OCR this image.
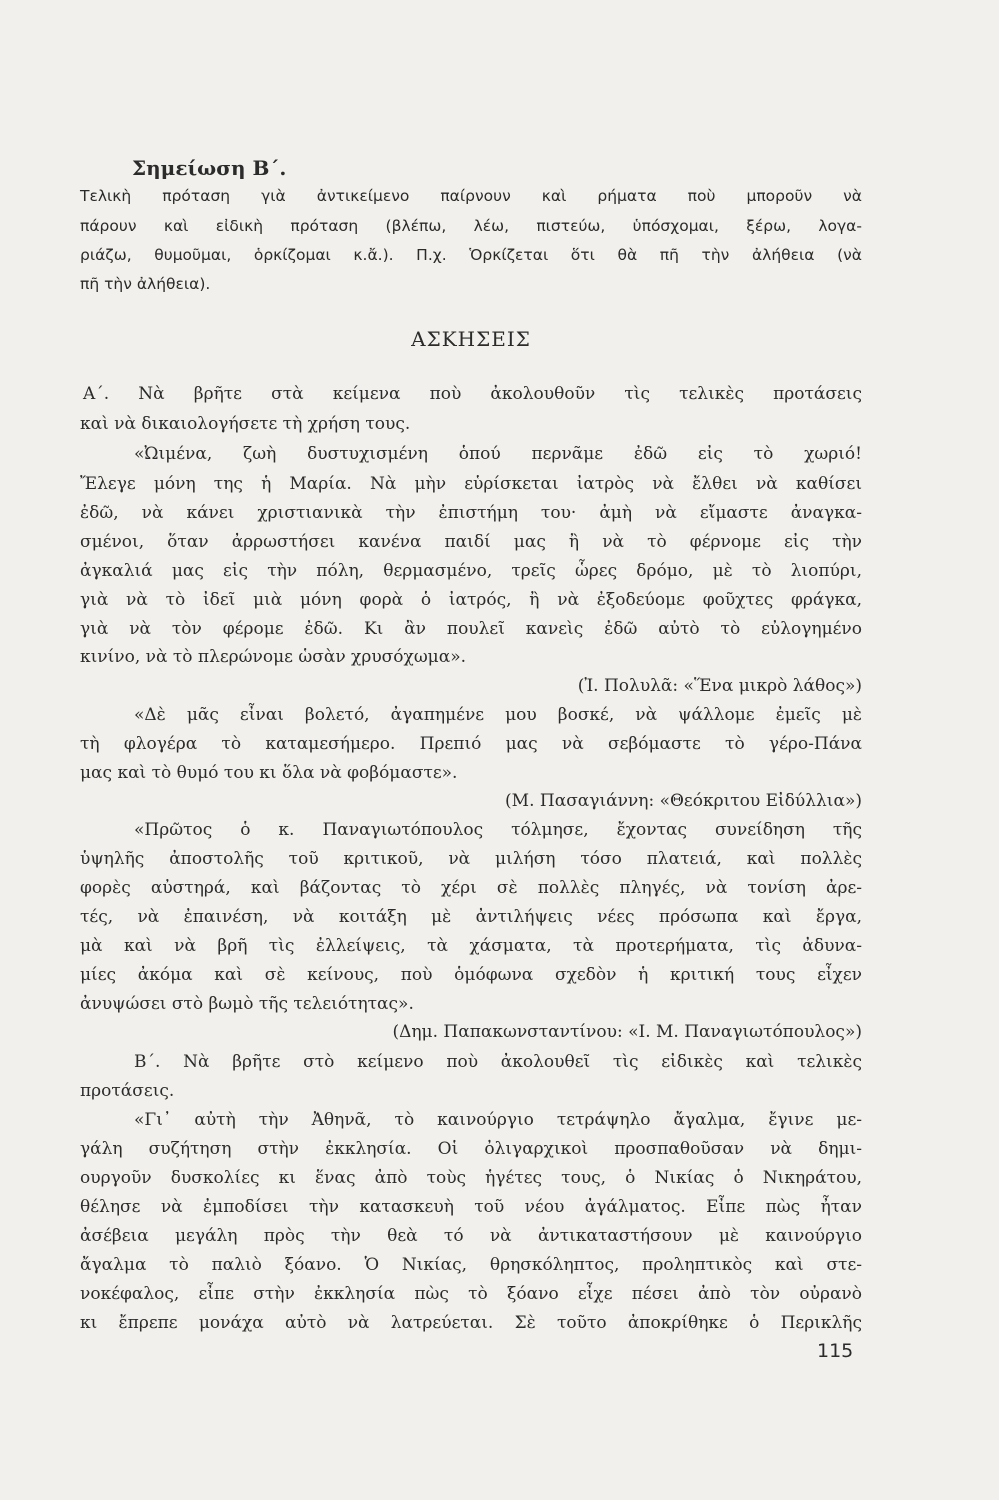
Σημείωση Β΄.
Τελικὴ πρόταση γιὰ ἀντικείμενο παίρνουν καὶ ρήματα ποὺ μποροῦν νὰ
πάρουν καὶ εἰδικὴ πρόταση (βλέπω, λέω, πιστεύω, ὑπόσχομαι, ξέρω, λογα-
ριάζω, θυμοῦμαι, ὁρκίζομαι κ.ἄ.). Π.χ. Ὁρκίζεται ὅτι θὰ πῆ τὴν ἀλήθεια (νὰ
πῆ τὴν ἀλήθεια).
ΑΣΚΗΣΕΙΣ
Α΄. Νὰ βρῆτε στὰ κείμενα ποὺ ἀκολουθοῦν τὶς τελικὲς προτάσεις
καὶ νὰ δικαιολογήσετε τὴ χρήση τους.
«Ὠιμένα, ζωὴ δυστυχισμένη ὁπού περνᾶμε ἐδῶ εἰς τὸ χωριό!
Ἔλεγε μόνη της ἡ Μαρία. Νὰ μὴν εὑρίσκεται ἰατρὸς νὰ ἔλθει νὰ καθίσει
ἐδῶ, νὰ κάνει χριστιανικὰ τὴν ἐπιστήμη του· ἀμὴ νὰ εἴμαστε ἀναγκα-
σμένοι, ὅταν ἀρρωστήσει κανένα παιδί μας ἢ νὰ τὸ φέρνομε εἰς τὴν
ἀγκαλιά μας εἰς τὴν πόλη, θερμασμένο, τρεῖς ὧρες δρόμο, μὲ τὸ λιοπύρι,
γιὰ νὰ τὸ ἰδεῖ μιὰ μόνη φορὰ ὁ ἰατρός, ἢ νὰ ἐξοδεύομε φοῦχτες φράγκα,
γιὰ νὰ τὸν φέρομε ἐδῶ. Κι ἂν πουλεῖ κανεὶς ἐδῶ αὐτὸ τὸ εὐλογημένο
κινίνο, νὰ τὸ πλερώνομε ὡσὰν χρυσόχωμα».
(Ἰ. Πολυλᾶ: «Ἕνα μικρὸ λάθος»)
«Δὲ μᾶς εἶναι βολετό, ἀγαπημένε μου βοσκέ, νὰ ψάλλομε ἐμεῖς μὲ
τὴ φλογέρα τὸ καταμεσήμερο. Πρεπιό μας νὰ σεβόμαστε τὸ γέρο-Πάνα
μας καὶ τὸ θυμό του κι ὅλα νὰ φοβόμαστε».
(Μ. Πασαγιάννη: «Θεόκριτου Εἰδύλλια»)
«Πρῶτος ὁ κ. Παναγιωτόπουλος τόλμησε, ἔχοντας συνείδηση τῆς
ὑψηλῆς ἀποστολῆς τοῦ κριτικοῦ, νὰ μιλήση τόσο πλατειά, καὶ πολλὲς
φορὲς αὐστηρά, καὶ βάζοντας τὸ χέρι σὲ πολλὲς πληγές, νὰ τονίση ἀρε-
τές, νὰ ἐπαινέση, νὰ κοιτάξη μὲ ἀντιλήψεις νέες πρόσωπα καὶ ἔργα,
μὰ καὶ νὰ βρῆ τὶς ἐλλείψεις, τὰ χάσματα, τὰ προτερήματα, τὶς ἀδυνα-
μίες ἀκόμα καὶ σὲ κείνους, ποὺ ὁμόφωνα σχεδὸν ἡ κριτική τους εἶχεν
ἀνυψώσει στὸ βωμὸ τῆς τελειότητας».
(Δημ. Παπακωνσταντίνου: «Ι. Μ. Παναγιωτόπουλος»)
Β΄. Νὰ βρῆτε στὸ κείμενο ποὺ ἀκολουθεῖ τὶς εἰδικὲς καὶ τελικὲς
προτάσεις.
«Γι᾿ αὐτὴ τὴν Ἀθηνᾶ, τὸ καινούργιο τετράψηλο ἄγαλμα, ἔγινε με-
γάλη συζήτηση στὴν ἐκκλησία. Οἱ ὀλιγαρχικοὶ προσπαθοῦσαν νὰ δημι-
ουργοῦν δυσκολίες κι ἕνας ἀπὸ τοὺς ἡγέτες τους, ὁ Νικίας ὁ Νικηράτου,
θέλησε νὰ ἐμποδίσει τὴν κατασκευὴ τοῦ νέου ἀγάλματος. Εἶπε πὼς ἦταν
ἀσέβεια μεγάλη πρὸς τὴν θεὰ τό νὰ ἀντικαταστήσουν μὲ καινούργιο
ἄγαλμα τὸ παλιὸ ξόανο. Ὁ Νικίας, θρησκόληπτος, προληπτικὸς καὶ στε-
νοκέφαλος, εἶπε στὴν ἐκκλησία πὼς τὸ ξόανο εἶχε πέσει ἀπὸ τὸν οὐρανὸ
κι ἔπρεπε μονάχα αὐτὸ νὰ λατρεύεται. Σὲ τοῦτο ἀποκρίθηκε ὁ Περικλῆς
115
